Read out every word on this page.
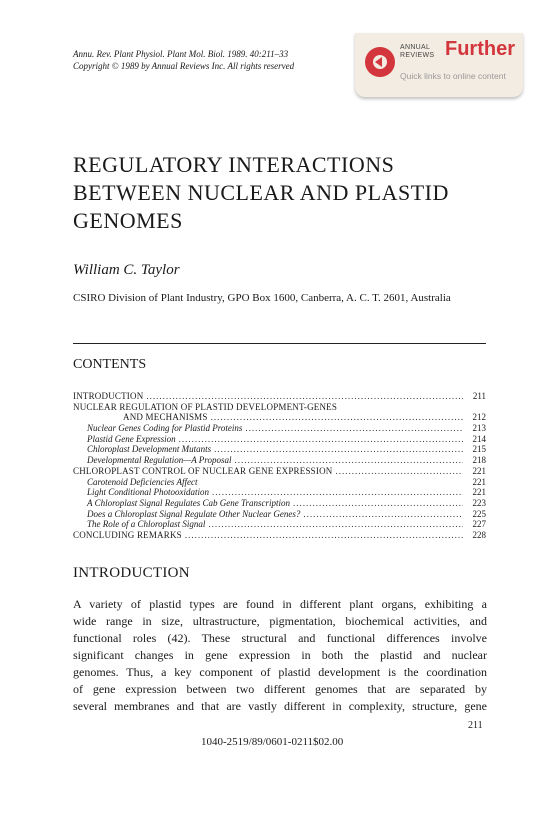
Annu. Rev. Plant Physiol. Plant Mol. Biol. 1989. 40:211–33
Copyright © 1989 by Annual Reviews Inc. All rights reserved
ANNUAL
REVIEWS Further
Quick links to online content
REGULATORY INTERACTIONS
BETWEEN NUCLEAR AND PLASTID
GENOMES
William C. Taylor
CSIRO Division of Plant Industry, GPO Box 1600, Canberra, A. C. T. 2601, Australia
CONTENTS
INTRODUCTION .....	211
NUCLEAR REGULATION OF PLASTID DEVELOPMENT-GENES
AND MECHANISMS .....	212
Nuclear Genes Coding for Plastid Proteins .....	213
Plastid Gene Expression .....	214
Chloroplast Development Mutants .....	215
Developmental Regulation—A Proposal .....	218
CHLOROPLAST CONTROL OF NUCLEAR GENE EXPRESSION .....	221
Carotenoid Deficiencies Affect	221
Light Conditional Photooxidation .....	221
A Chloroplast Signal Regulates Cab Gene Transcription .....	223
Does a Chloroplast Signal Regulate Other Nuclear Genes? .....	225
The Role of a Chloroplast Signal .....	227
CONCLUDING REMARKS .....	228
INTRODUCTION
A variety of plastid types are found in different plant organs, exhibiting a
wide range in size, ultrastructure, pigmentation, biochemical activities, and
functional roles (42). These structural and functional differences involve
significant changes in gene expression in both the plastid and nuclear
genomes. Thus, a key component of plastid development is the coordination
of gene expression between two different genomes that are separated by
several membranes and that are vastly different in complexity, structure, gene
211
1040-2519/89/0601-0211$02.00
